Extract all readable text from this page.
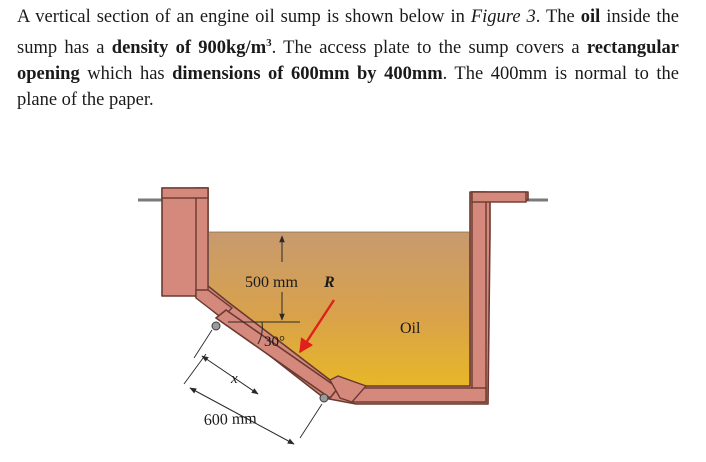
A vertical section of an engine oil sump is shown below in Figure 3. The oil inside the sump has a density of $900kg/m^3$. The access plate to the sump covers a rectangular opening which has dimensions of 600mm by 400mm. The 400mm is normal to the plane of the paper.

500 mm R
30°
Oil
x
600 mm
